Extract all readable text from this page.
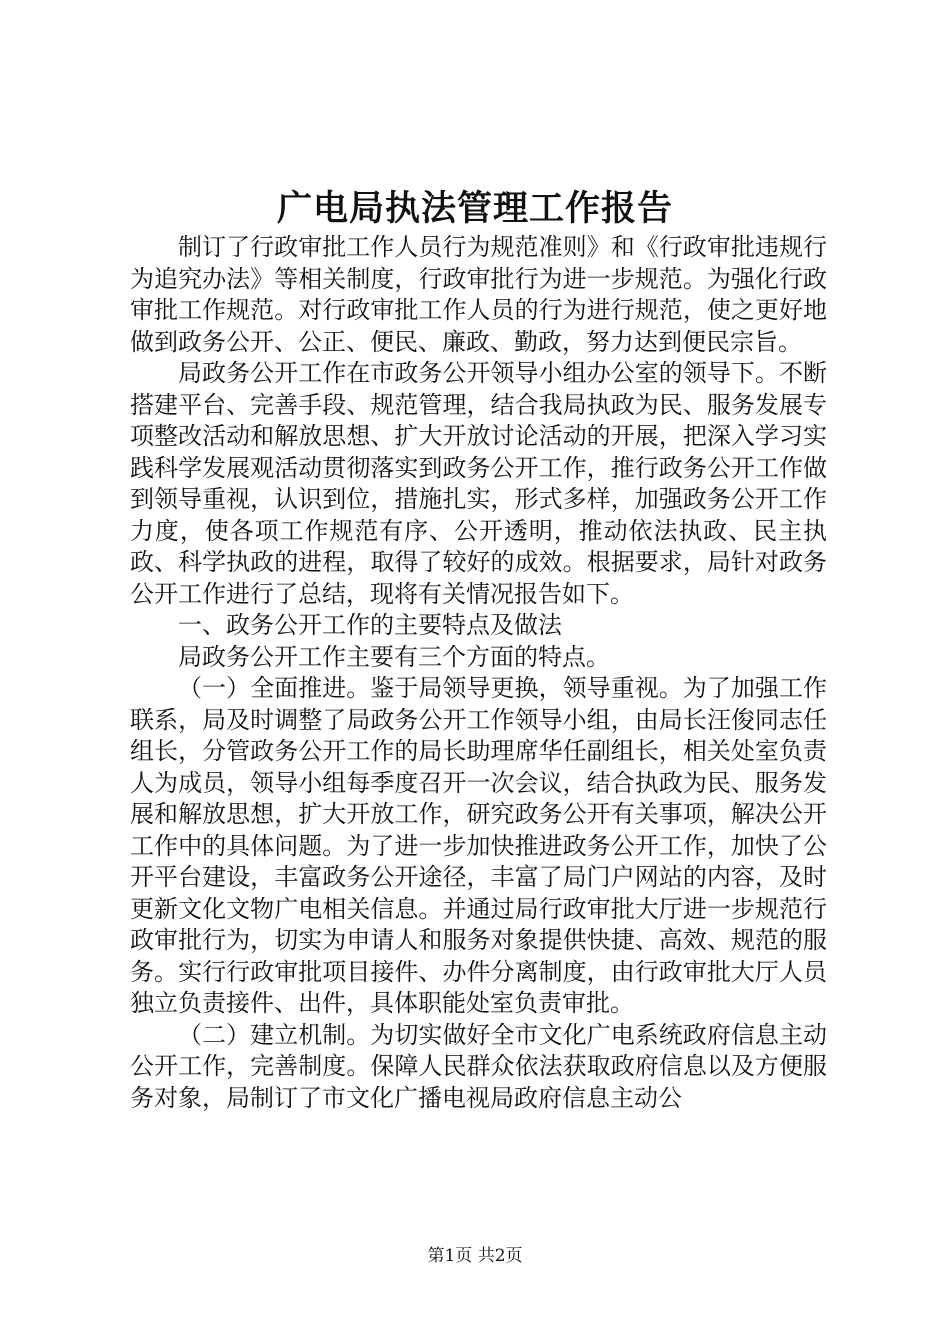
广电局执法管理工作报告

制订了行政审批工作人员行为规范准则》和《行政审批违规行为追究办法》等相关制度，行政审批行为进一步规范。为强化行政审批工作规范。对行政审批工作人员的行为进行规范，使之更好地做到政务公开、公正、便民、廉政、勤政，努力达到便民宗旨。

局政务公开工作在市政务公开领导小组办公室的领导下。不断搭建平台、完善手段、规范管理，结合我局执政为民、服务发展专项整改活动和解放思想、扩大开放讨论活动的开展，把深入学习实践科学发展观活动贯彻落实到政务公开工作，推行政务公开工作做到领导重视，认识到位，措施扎实，形式多样，加强政务公开工作力度，使各项工作规范有序、公开透明，推动依法执政、民主执政、科学执政的进程，取得了较好的成效。根据要求，局针对政务公开工作进行了总结，现将有关情况报告如下。

一、政务公开工作的主要特点及做法

局政务公开工作主要有三个方面的特点。

（一）全面推进。鉴于局领导更换，领导重视。为了加强工作联系，局及时调整了局政务公开工作领导小组，由局长汪俊同志任组长，分管政务公开工作的局长助理席华任副组长，相关处室负责人为成员，领导小组每季度召开一次会议，结合执政为民、服务发展和解放思想，扩大开放工作，研究政务公开有关事项，解决公开工作中的具体问题。为了进一步加快推进政务公开工作，加快了公开平台建设，丰富政务公开途径，丰富了局门户网站的内容，及时更新文化文物广电相关信息。并通过局行政审批大厅进一步规范行政审批行为，切实为申请人和服务对象提供快捷、高效、规范的服务。实行行政审批项目接件、办件分离制度，由行政审批大厅人员独立负责接件、出件，具体职能处室负责审批。

（二）建立机制。为切实做好全市文化广电系统政府信息主动公开工作，完善制度。保障人民群众依法获取政府信息以及方便服务对象，局制订了市文化广播电视局政府信息主动公

第1页 共2页
